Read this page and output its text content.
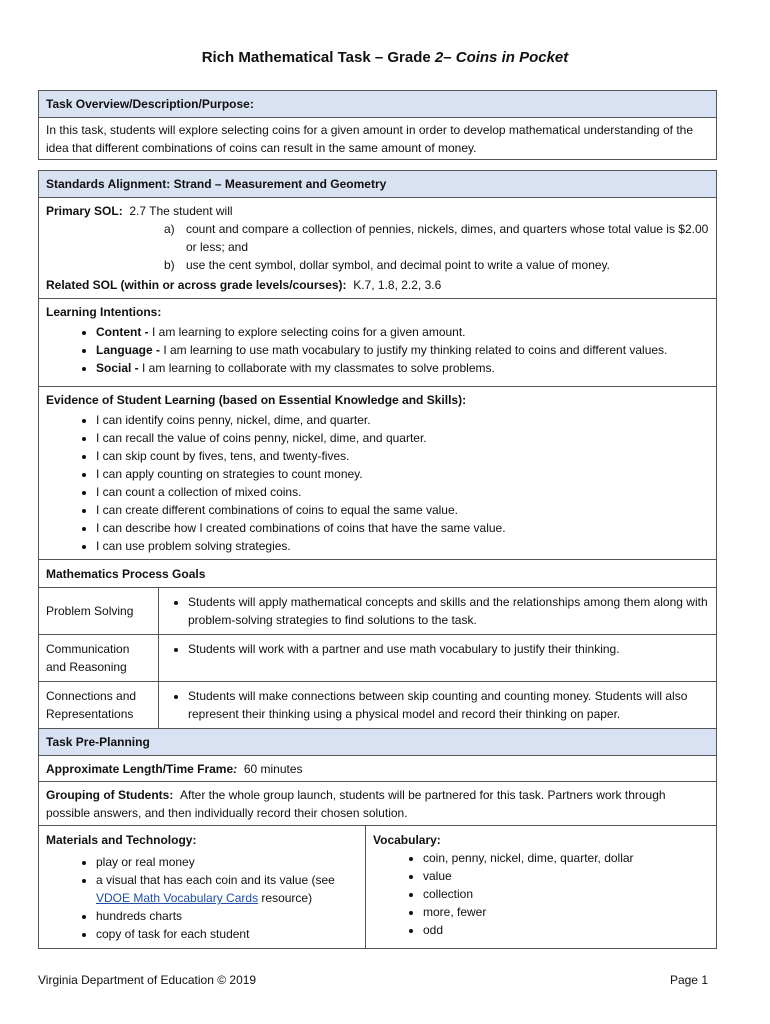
Rich Mathematical Task – Grade 2– Coins in Pocket
Task Overview/Description/Purpose:
In this task, students will explore selecting coins for a given amount in order to develop mathematical understanding of the idea that different combinations of coins can result in the same amount of money.
Standards Alignment: Strand – Measurement and Geometry
Primary SOL: 2.7 The student will
a) count and compare a collection of pennies, nickels, dimes, and quarters whose total value is $2.00 or less; and
b) use the cent symbol, dollar symbol, and decimal point to write a value of money.
Related SOL (within or across grade levels/courses): K.7, 1.8, 2.2, 3.6
Learning Intentions:
• Content - I am learning to explore selecting coins for a given amount.
• Language - I am learning to use math vocabulary to justify my thinking related to coins and different values.
• Social - I am learning to collaborate with my classmates to solve problems.
Evidence of Student Learning (based on Essential Knowledge and Skills):
• I can identify coins penny, nickel, dime, and quarter.
• I can recall the value of coins penny, nickel, dime, and quarter.
• I can skip count by fives, tens, and twenty-fives.
• I can apply counting on strategies to count money.
• I can count a collection of mixed coins.
• I can create different combinations of coins to equal the same value.
• I can describe how I created combinations of coins that have the same value.
• I can use problem solving strategies.
Mathematics Process Goals
Problem Solving
• Students will apply mathematical concepts and skills and the relationships among them along with problem-solving strategies to find solutions to the task.
Communication and Reasoning
• Students will work with a partner and use math vocabulary to justify their thinking.
Connections and Representations
• Students will make connections between skip counting and counting money. Students will also represent their thinking using a physical model and record their thinking on paper.
Task Pre-Planning
Approximate Length/Time Frame: 60 minutes
Grouping of Students: After the whole group launch, students will be partnered for this task. Partners work through possible answers, and then individually record their chosen solution.
Materials and Technology:
• play or real money
• a visual that has each coin and its value (see VDOE Math Vocabulary Cards resource)
• hundreds charts
• copy of task for each student
Vocabulary:
• coin, penny, nickel, dime, quarter, dollar
• value
• collection
• more, fewer
• odd
Virginia Department of Education © 2019	Page 1
